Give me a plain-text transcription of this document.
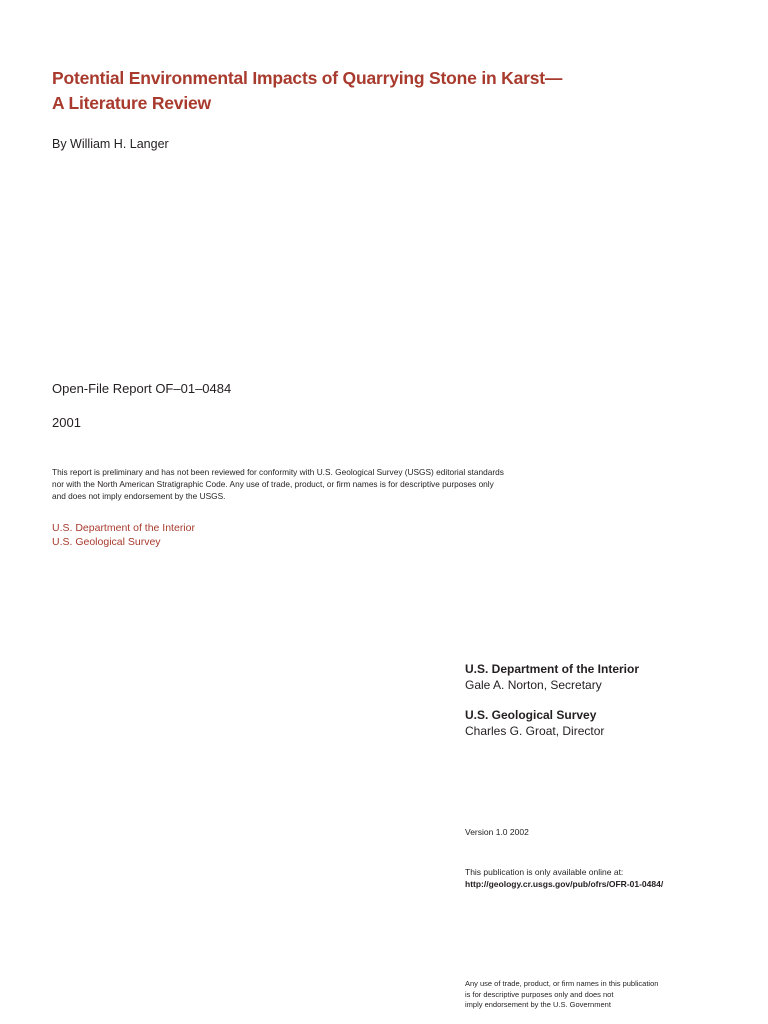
Potential Environmental Impacts of Quarrying Stone in Karst—
A Literature Review
By William H. Langer
Open-File Report OF–01–0484
2001
This report is preliminary and has not been reviewed for conformity with U.S. Geological Survey (USGS) editorial standards
nor with the North American Stratigraphic Code. Any use of trade, product, or firm names is for descriptive purposes only
and does not imply endorsement by the USGS.
U.S. Department of the Interior
U.S. Geological Survey
U.S. Department of the Interior
Gale A. Norton, Secretary
U.S. Geological Survey
Charles G. Groat, Director
Version 1.0 2002
This publication is only available online at:
http://geology.cr.usgs.gov/pub/ofrs/OFR-01-0484/
Any use of trade, product, or firm names in this publication
is for descriptive purposes only and does not
imply endorsement by the U.S. Government
